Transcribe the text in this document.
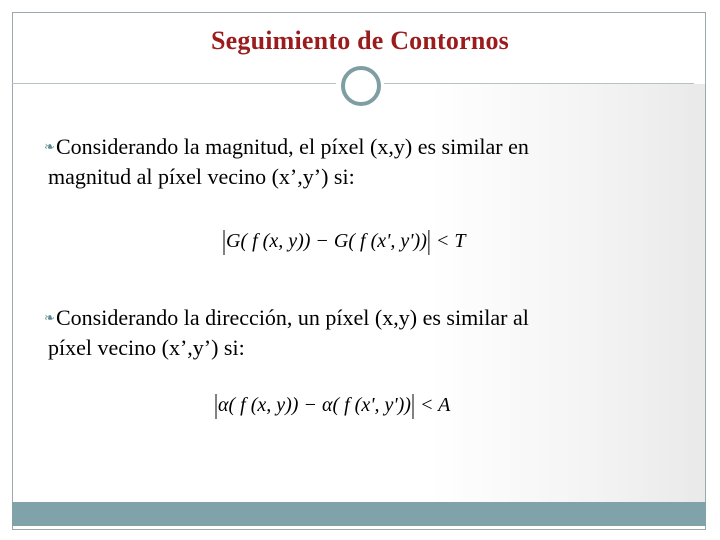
Seguimiento de Contornos
❧ Considerando la magnitud, el píxel (x,y) es similar en
magnitud al píxel vecino (x’,y’) si:
|G( f (x, y)) − G( f (x', y'))| < T
❧ Considerando la dirección, un píxel (x,y) es similar al
píxel vecino (x’,y’) si:
|α( f (x, y)) − α( f (x', y'))| < A
